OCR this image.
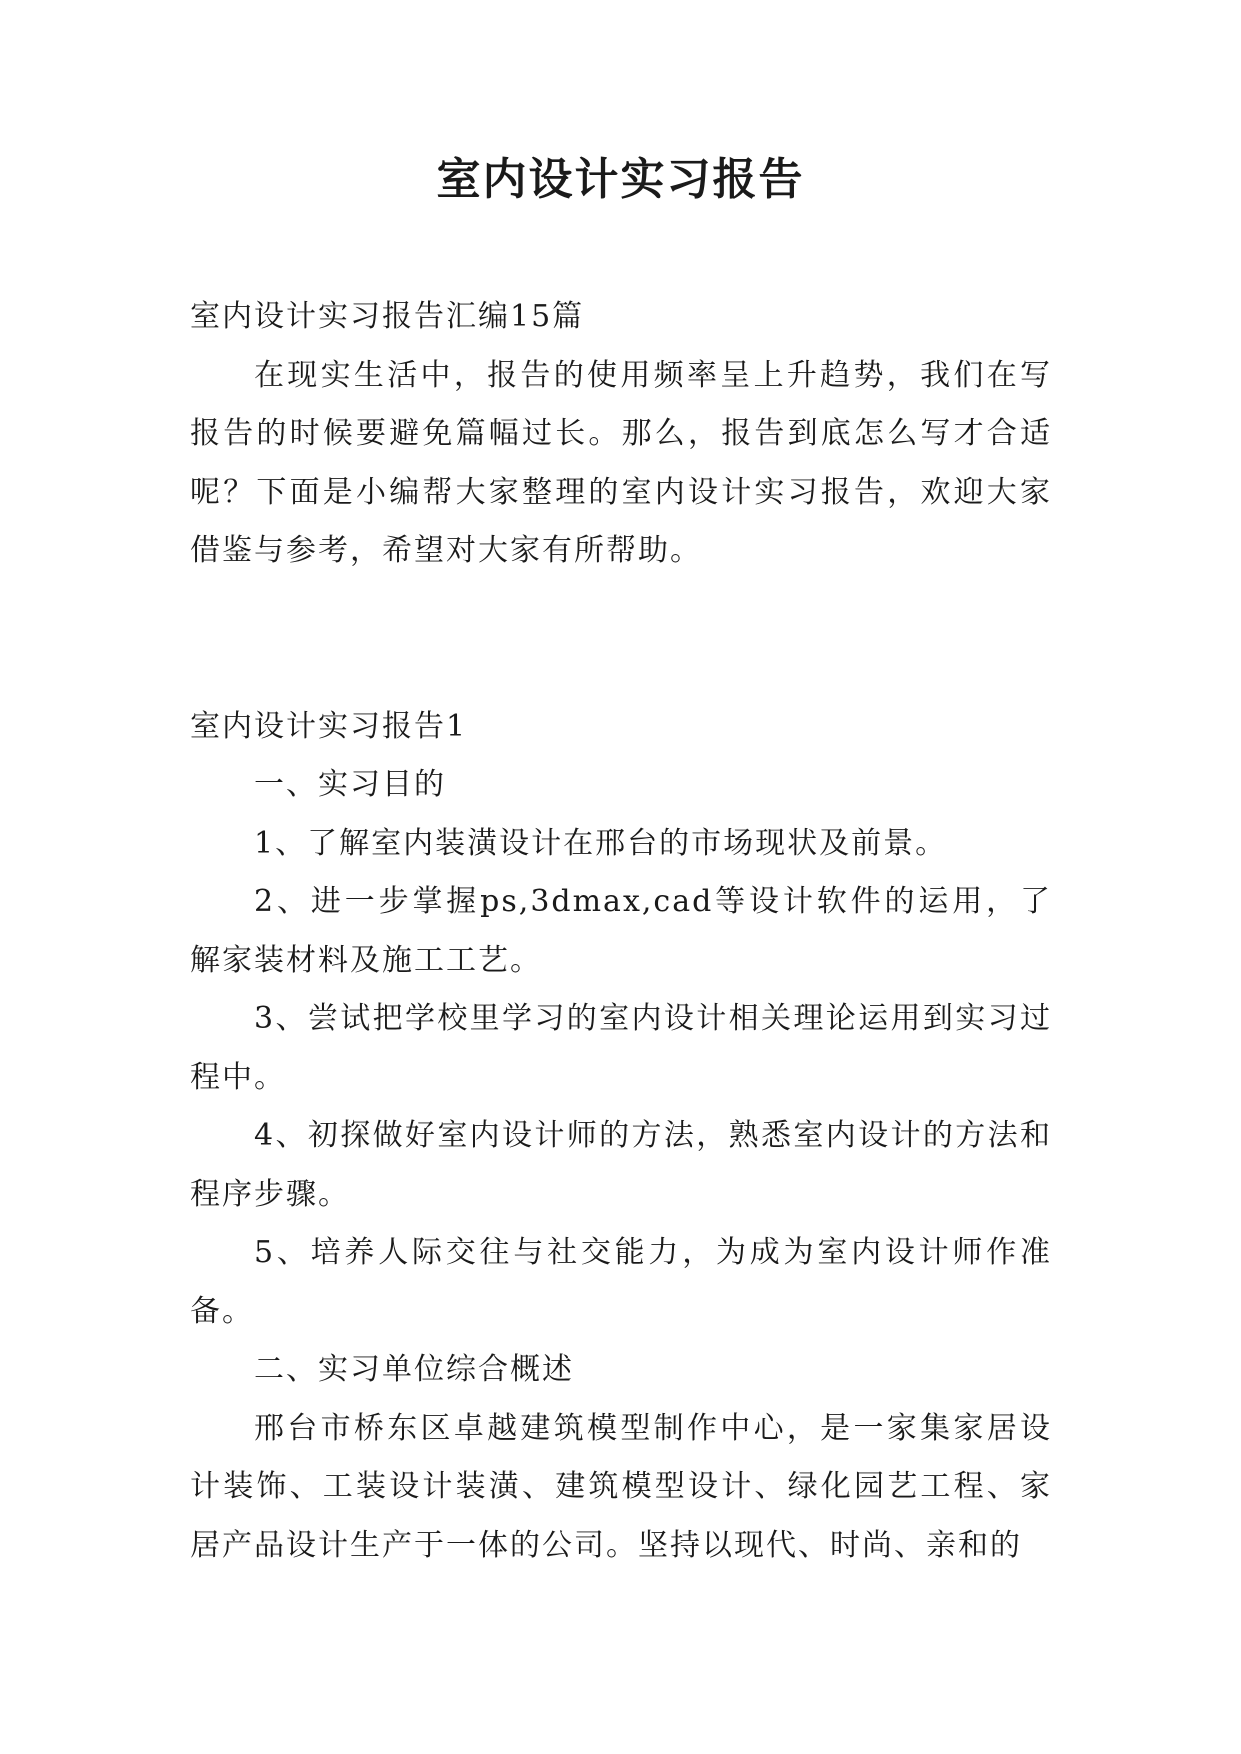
室内设计实习报告

室内设计实习报告汇编15篇

在现实生活中，报告的使用频率呈上升趋势，我们在写报告的时候要避免篇幅过长。那么，报告到底怎么写才合适呢？下面是小编帮大家整理的室内设计实习报告，欢迎大家借鉴与参考，希望对大家有所帮助。

室内设计实习报告1

一、实习目的

1、了解室内装潢设计在邢台的市场现状及前景。

2、进一步掌握ps,3dmax,cad等设计软件的运用，了解家装材料及施工工艺。

3、尝试把学校里学习的室内设计相关理论运用到实习过程中。

4、初探做好室内设计师的方法，熟悉室内设计的方法和程序步骤。

5、培养人际交往与社交能力，为成为室内设计师作准备。

二、实习单位综合概述

邢台市桥东区卓越建筑模型制作中心，是一家集家居设计装饰、工装设计装潢、建筑模型设计、绿化园艺工程、家居产品设计生产于一体的公司。坚持以现代、时尚、亲和的
